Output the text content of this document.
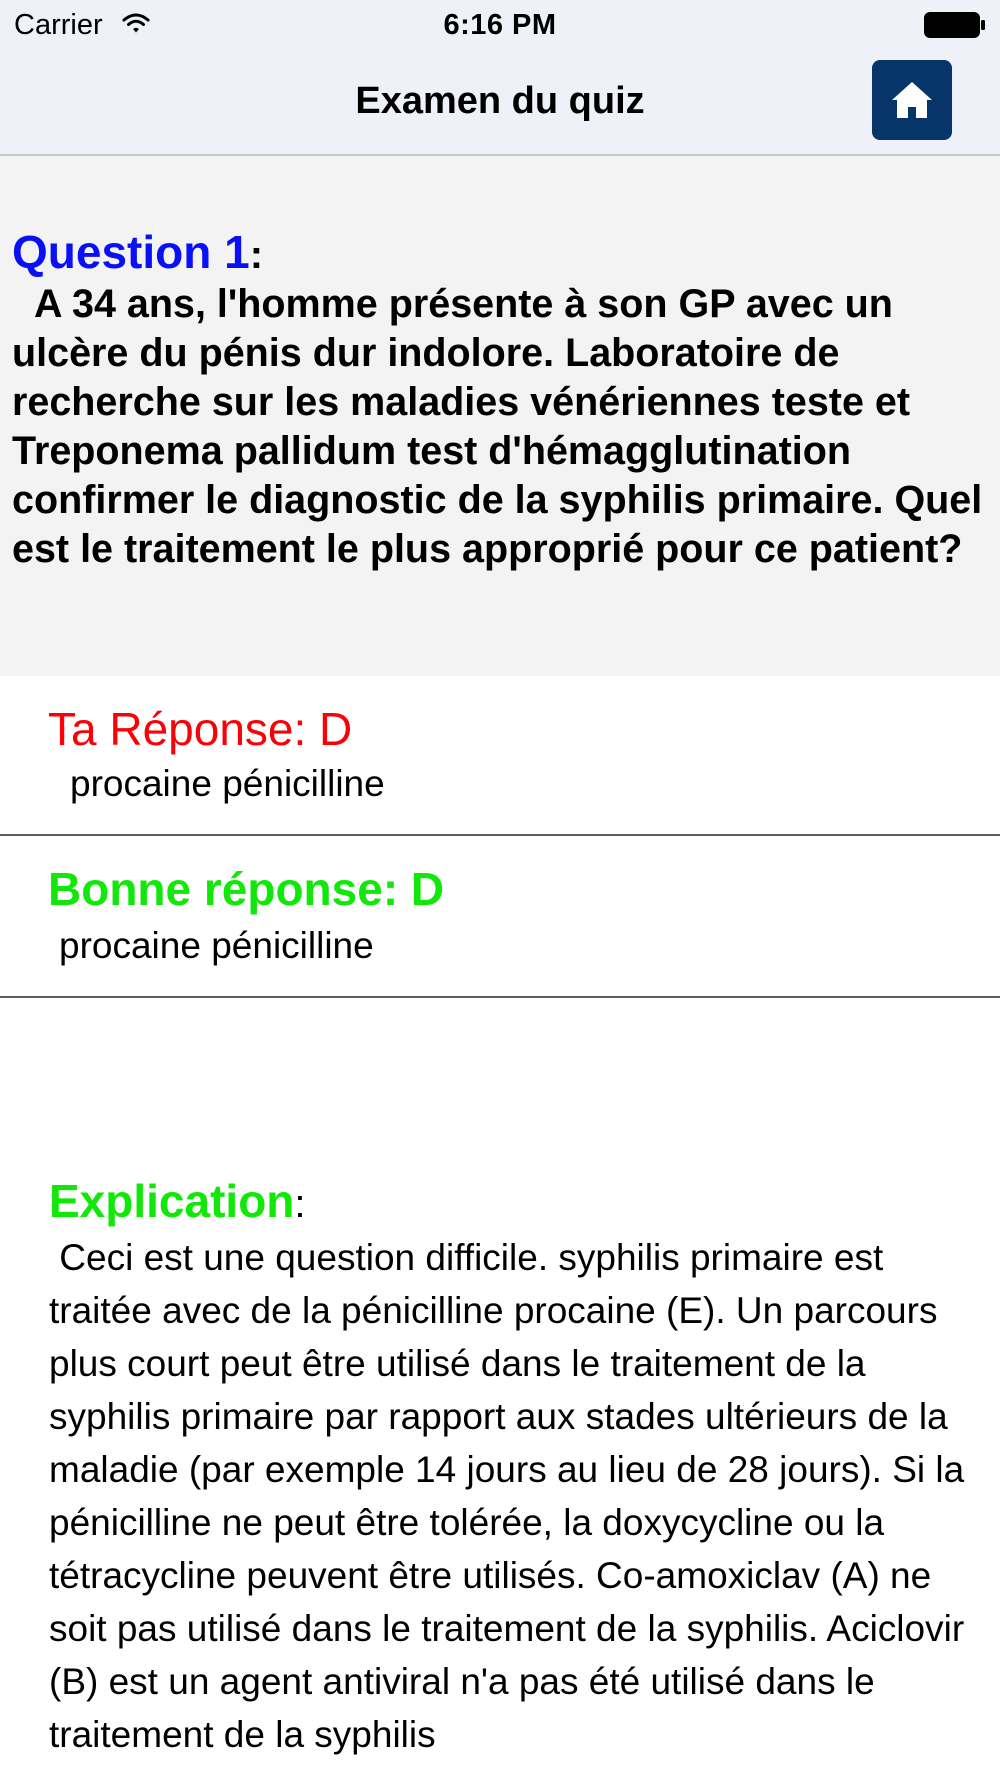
Carrier	6:16 PM
Examen du quiz
Question 1:
A 34 ans, l'homme présente à son GP avec un ulcère du pénis dur indolore. Laboratoire de recherche sur les maladies vénériennes teste et Treponema pallidum test d'hémagglutination confirmer le diagnostic de la syphilis primaire. Quel est le traitement le plus approprié pour ce patient?
Ta Réponse: D
procaine pénicilline
Bonne réponse: D
procaine pénicilline
Explication:
Ceci est une question difficile. syphilis primaire est traitée avec de la pénicilline procaine (E). Un parcours plus court peut être utilisé dans le traitement de la syphilis primaire par rapport aux stades ultérieurs de la maladie (par exemple 14 jours au lieu de 28 jours). Si la pénicilline ne peut être tolérée, la doxycycline ou la tétracycline peuvent être utilisés. Co-amoxiclav (A) ne soit pas utilisé dans le traitement de la syphilis. Aciclovir (B) est un agent antiviral n'a pas été utilisé dans le traitement de la syphilis
